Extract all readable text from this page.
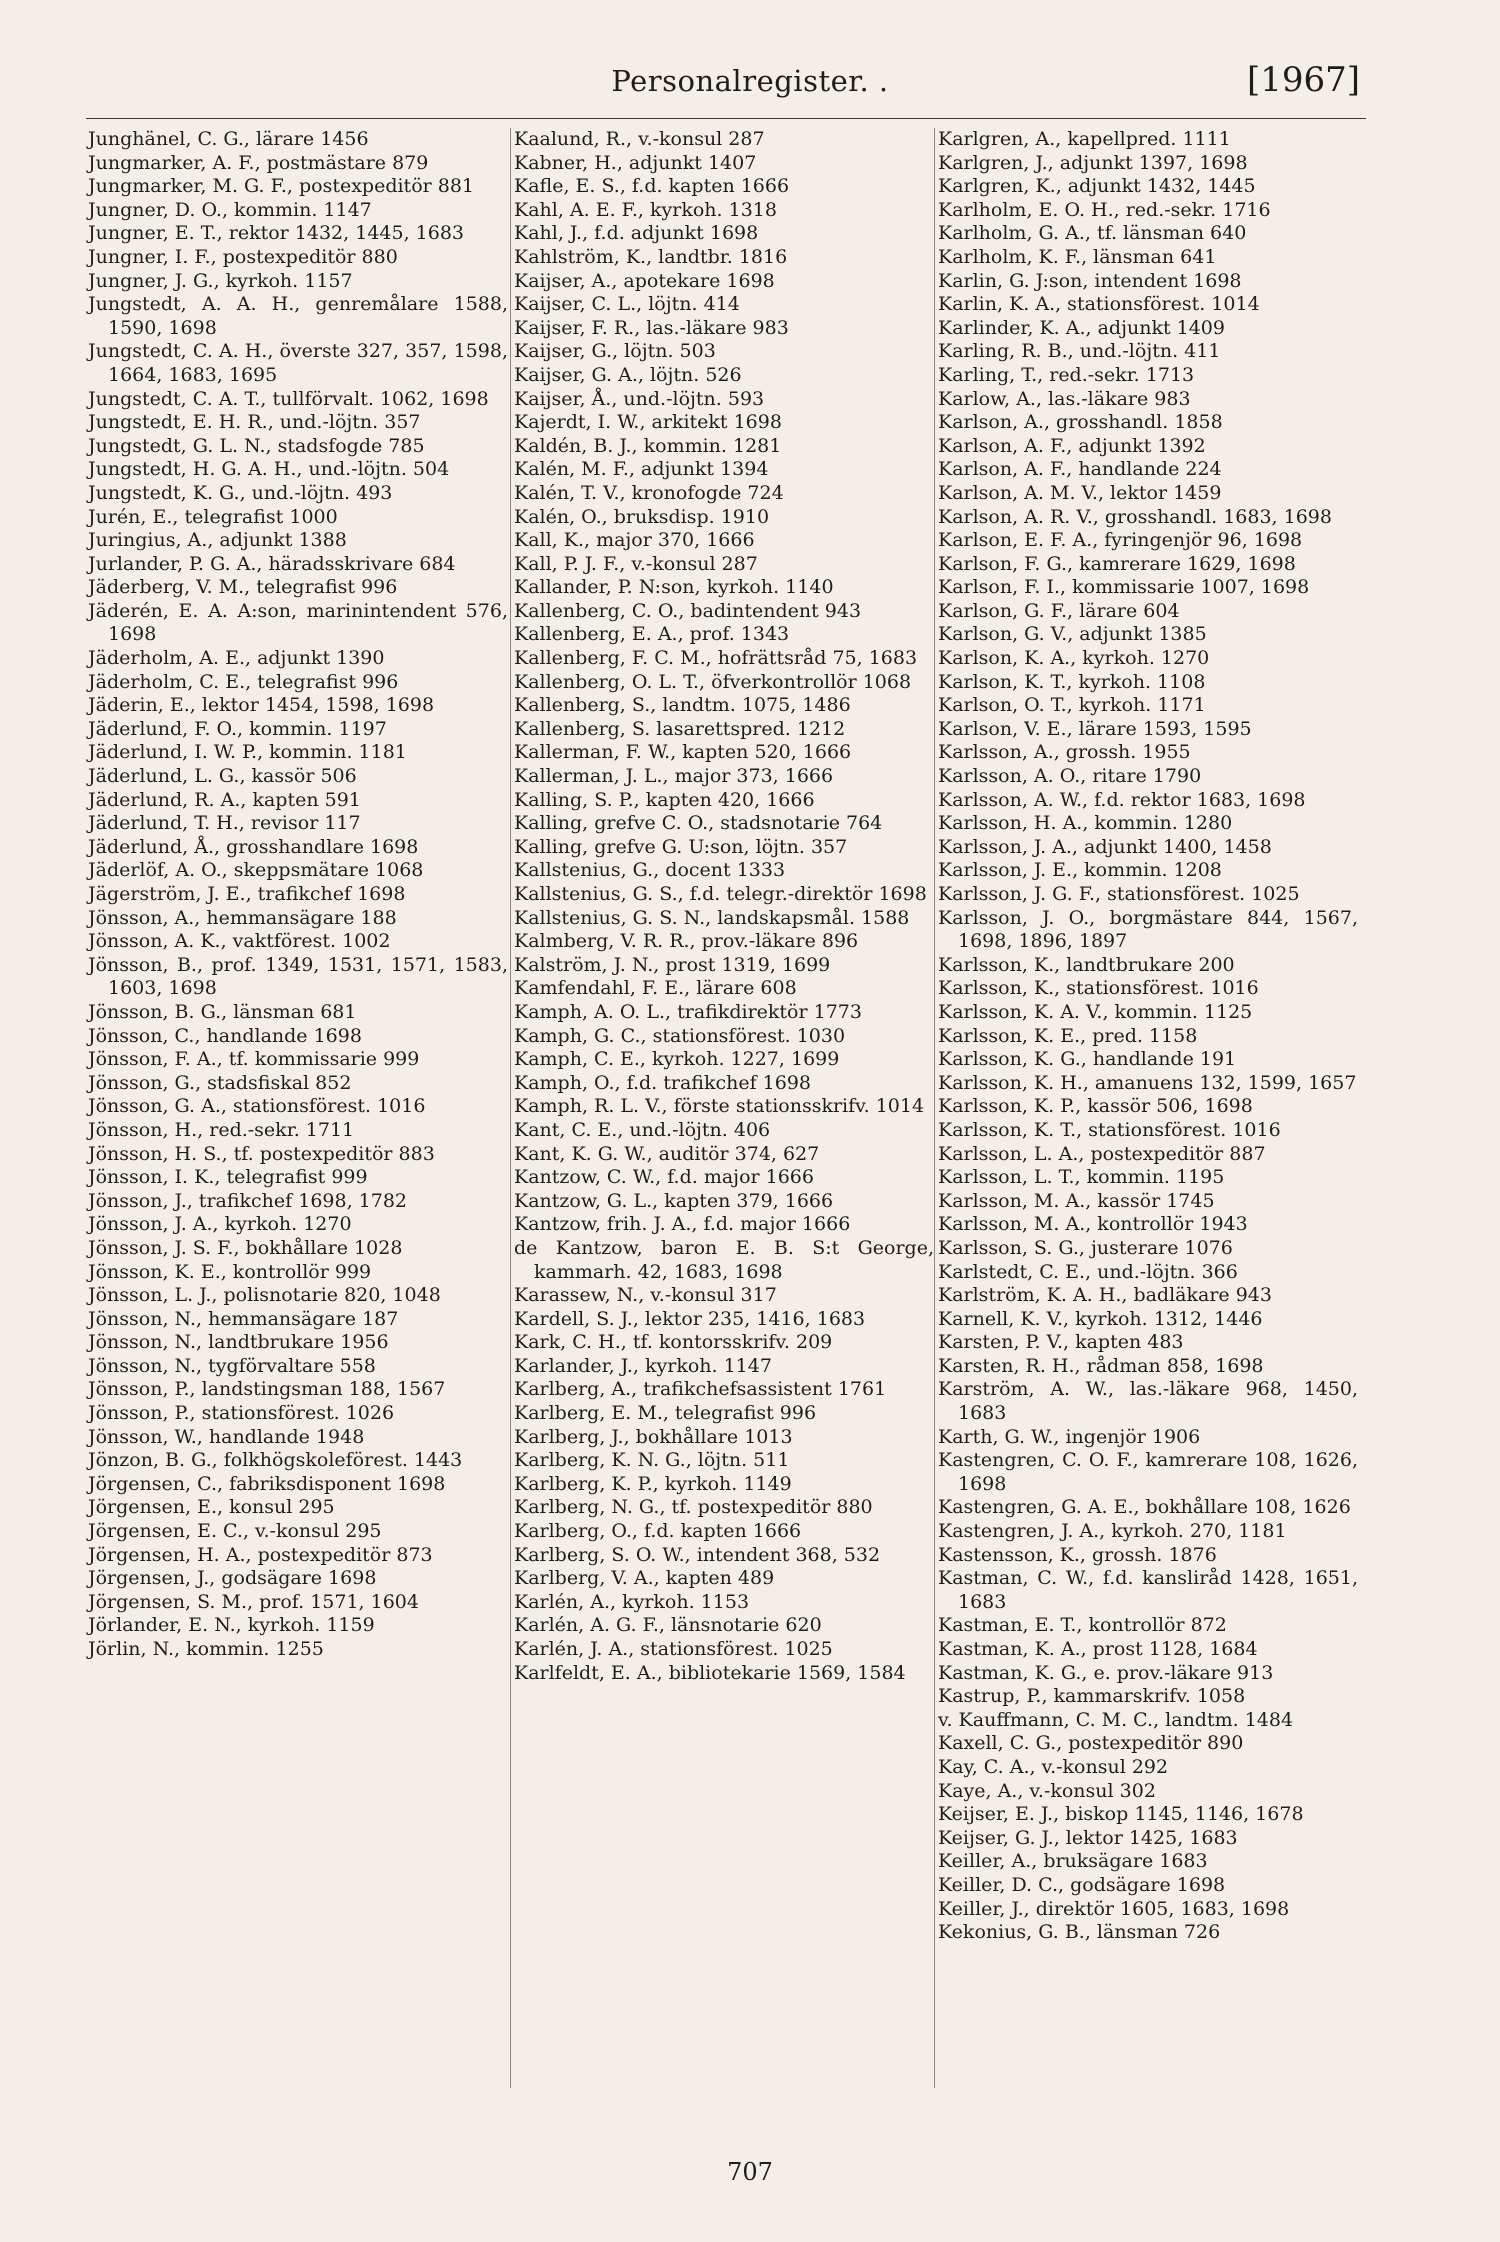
Personalregister. .	[1967]

Junghänel, C. G., lärare 1456

Jungmarker, A. F., postmästare 879

Jungmarker, M. G. F., postexpeditör 881

Jungner, D. O., kommin. 1147

Jungner, E. T., rektor 1432, 1445, 1683

Jungner, I. F., postexpeditör 880

Jungner, J. G., kyrkoh. 1157

Jungstedt, A. A. H., genremålare 1588, 1590, 1698

Jungstedt, C. A. H., överste 327, 357, 1598, 1664, 1683, 1695

Jungstedt, C. A. T., tullförvalt. 1062, 1698

Jungstedt, E. H. R., und.-löjtn. 357

Jungstedt, G. L. N., stadsfogde 785

Jungstedt, H. G. A. H., und.-löjtn. 504

Jungstedt, K. G., und.-löjtn. 493

Jurén, E., telegrafist 1000

Juringius, A., adjunkt 1388

Jurlander, P. G. A., häradsskrivare 684

Jäderberg, V. M., telegrafist 996

Jäderén, E. A. A:son, marinintendent 576, 1698

Jäderholm, A. E., adjunkt 1390

Jäderholm, C. E., telegrafist 996

Jäderin, E., lektor 1454, 1598, 1698

Jäderlund, F. O., kommin. 1197

Jäderlund, I. W. P., kommin. 1181

Jäderlund, L. G., kassör 506

Jäderlund, R. A., kapten 591

Jäderlund, T. H., revisor 117

Jäderlund, Å., grosshandlare 1698

Jäderlöf, A. O., skeppsmätare 1068

Jägerström, J. E., trafikchef 1698

Jönsson, A., hemmansägare 188

Jönsson, A. K., vaktförest. 1002

Jönsson, B., prof. 1349, 1531, 1571, 1583, 1603, 1698

Jönsson, B. G., länsman 681

Jönsson, C., handlande 1698

Jönsson, F. A., tf. kommissarie 999

Jönsson, G., stadsfiskal 852

Jönsson, G. A., stationsförest. 1016

Jönsson, H., red.-sekr. 1711

Jönsson, H. S., tf. postexpeditör 883

Jönsson, I. K., telegrafist 999

Jönsson, J., trafikchef 1698, 1782

Jönsson, J. A., kyrkoh. 1270

Jönsson, J. S. F., bokhållare 1028

Jönsson, K. E., kontrollör 999

Jönsson, L. J., polisnotarie 820, 1048

Jönsson, N., hemmansägare 187

Jönsson, N., landtbrukare 1956

Jönsson, N., tygförvaltare 558

Jönsson, P., landstingsman 188, 1567

Jönsson, P., stationsförest. 1026

Jönsson, W., handlande 1948

Jönzon, B. G., folkhögskoleförest. 1443

Jörgensen, C., fabriksdisponent 1698

Jörgensen, E., konsul 295

Jörgensen, E. C., v.-konsul 295

Jörgensen, H. A., postexpeditör 873

Jörgensen, J., godsägare 1698

Jörgensen, S. M., prof. 1571, 1604

Jörlander, E. N., kyrkoh. 1159

Jörlin, N., kommin. 1255

Kaalund, R., v.-konsul 287

Kabner, H., adjunkt 1407

Kafle, E. S., f.d. kapten 1666

Kahl, A. E. F., kyrkoh. 1318

Kahl, J., f.d. adjunkt 1698

Kahlström, K., landtbr. 1816

Kaijser, A., apotekare 1698

Kaijser, C. L., löjtn. 414

Kaijser, F. R., las.-läkare 983

Kaijser, G., löjtn. 503

Kaijser, G. A., löjtn. 526

Kaijser, Å., und.-löjtn. 593

Kajerdt, I. W., arkitekt 1698

Kaldén, B. J., kommin. 1281

Kalén, M. F., adjunkt 1394

Kalén, T. V., kronofogde 724

Kalén, O., bruksdisp. 1910

Kall, K., major 370, 1666

Kall, P. J. F., v.-konsul 287

Kallander, P. N:son, kyrkoh. 1140

Kallenberg, C. O., badintendent 943

Kallenberg, E. A., prof. 1343

Kallenberg, F. C. M., hofrättsråd 75, 1683

Kallenberg, O. L. T., öfverkontrollör 1068

Kallenberg, S., landtm. 1075, 1486

Kallenberg, S. lasarettspred. 1212

Kallerman, F. W., kapten 520, 1666

Kallerman, J. L., major 373, 1666

Kalling, S. P., kapten 420, 1666

Kalling, grefve C. O., stadsnotarie 764

Kalling, grefve G. U:son, löjtn. 357

Kallstenius, G., docent 1333

Kallstenius, G. S., f.d. telegr.-direktör 1698

Kallstenius, G. S. N., landskapsmål. 1588

Kalmberg, V. R. R., prov.-läkare 896

Kalström, J. N., prost 1319, 1699

Kamfendahl, F. E., lärare 608

Kamph, A. O. L., trafikdirektör 1773

Kamph, G. C., stationsförest. 1030

Kamph, C. E., kyrkoh. 1227, 1699

Kamph, O., f.d. trafikchef 1698

Kamph, R. L. V., förste stationsskrifv. 1014

Kant, C. E., und.-löjtn. 406

Kant, K. G. W., auditör 374, 627

Kantzow, C. W., f.d. major 1666

Kantzow, G. L., kapten 379, 1666

Kantzow, frih. J. A., f.d. major 1666

de Kantzow, baron E. B. S:t George, kammarh. 42, 1683, 1698

Karassew, N., v.-konsul 317

Kardell, S. J., lektor 235, 1416, 1683

Kark, C. H., tf. kontorsskrifv. 209

Karlander, J., kyrkoh. 1147

Karlberg, A., trafikchefsassistent 1761

Karlberg, E. M., telegrafist 996

Karlberg, J., bokhållare 1013

Karlberg, K. N. G., löjtn. 511

Karlberg, K. P., kyrkoh. 1149

Karlberg, N. G., tf. postexpeditör 880

Karlberg, O., f.d. kapten 1666

Karlberg, S. O. W., intendent 368, 532

Karlberg, V. A., kapten 489

Karlén, A., kyrkoh. 1153

Karlén, A. G. F., länsnotarie 620

Karlén, J. A., stationsförest. 1025

Karlfeldt, E. A., bibliotekarie 1569, 1584

Karlgren, A., kapellpred. 1111

Karlgren, J., adjunkt 1397, 1698

Karlgren, K., adjunkt 1432, 1445

Karlholm, E. O. H., red.-sekr. 1716

Karlholm, G. A., tf. länsman 640

Karlholm, K. F., länsman 641

Karlin, G. J:son, intendent 1698

Karlin, K. A., stationsförest. 1014

Karlinder, K. A., adjunkt 1409

Karling, R. B., und.-löjtn. 411

Karling, T., red.-sekr. 1713

Karlow, A., las.-läkare 983

Karlson, A., grosshandl. 1858

Karlson, A. F., adjunkt 1392

Karlson, A. F., handlande 224

Karlson, A. M. V., lektor 1459

Karlson, A. R. V., grosshandl. 1683, 1698

Karlson, E. F. A., fyringenjör 96, 1698

Karlson, F. G., kamrerare 1629, 1698

Karlson, F. I., kommissarie 1007, 1698

Karlson, G. F., lärare 604

Karlson, G. V., adjunkt 1385

Karlson, K. A., kyrkoh. 1270

Karlson, K. T., kyrkoh. 1108

Karlson, O. T., kyrkoh. 1171

Karlson, V. E., lärare 1593, 1595

Karlsson, A., grossh. 1955

Karlsson, A. O., ritare 1790

Karlsson, A. W., f.d. rektor 1683, 1698

Karlsson, H. A., kommin. 1280

Karlsson, J. A., adjunkt 1400, 1458

Karlsson, J. E., kommin. 1208

Karlsson, J. G. F., stationsförest. 1025

Karlsson, J. O., borgmästare 844, 1567, 1698, 1896, 1897

Karlsson, K., landtbrukare 200

Karlsson, K., stationsförest. 1016

Karlsson, K. A. V., kommin. 1125

Karlsson, K. E., pred. 1158

Karlsson, K. G., handlande 191

Karlsson, K. H., amanuens 132, 1599, 1657

Karlsson, K. P., kassör 506, 1698

Karlsson, K. T., stationsförest. 1016

Karlsson, L. A., postexpeditör 887

Karlsson, L. T., kommin. 1195

Karlsson, M. A., kassör 1745

Karlsson, M. A., kontrollör 1943

Karlsson, S. G., justerare 1076

Karlstedt, C. E., und.-löjtn. 366

Karlström, K. A. H., badläkare 943

Karnell, K. V., kyrkoh. 1312, 1446

Karsten, P. V., kapten 483

Karsten, R. H., rådman 858, 1698

Karström, A. W., las.-läkare 968, 1450, 1683

Karth, G. W., ingenjör 1906

Kastengren, C. O. F., kamrerare 108, 1626, 1698

Kastengren, G. A. E., bokhållare 108, 1626

Kastengren, J. A., kyrkoh. 270, 1181

Kastensson, K., grossh. 1876

Kastman, C. W., f.d. kanslіråd 1428, 1651, 1683

Kastman, E. T., kontrollör 872

Kastman, K. A., prost 1128, 1684

Kastman, K. G., e. prov.-läkare 913

Kastrup, P., kammarskrifv. 1058

v. Kauffmann, C. M. C., landtm. 1484

Kaxell, C. G., postexpeditör 890

Kay, C. A., v.-konsul 292

Kaye, A., v.-konsul 302

Keijser, E. J., biskop 1145, 1146, 1678

Keijser, G. J., lektor 1425, 1683

Keiller, A., bruksägare 1683

Keiller, D. C., godsägare 1698

Keiller, J., direktör 1605, 1683, 1698

Kekonius, G. B., länsman 726

707
